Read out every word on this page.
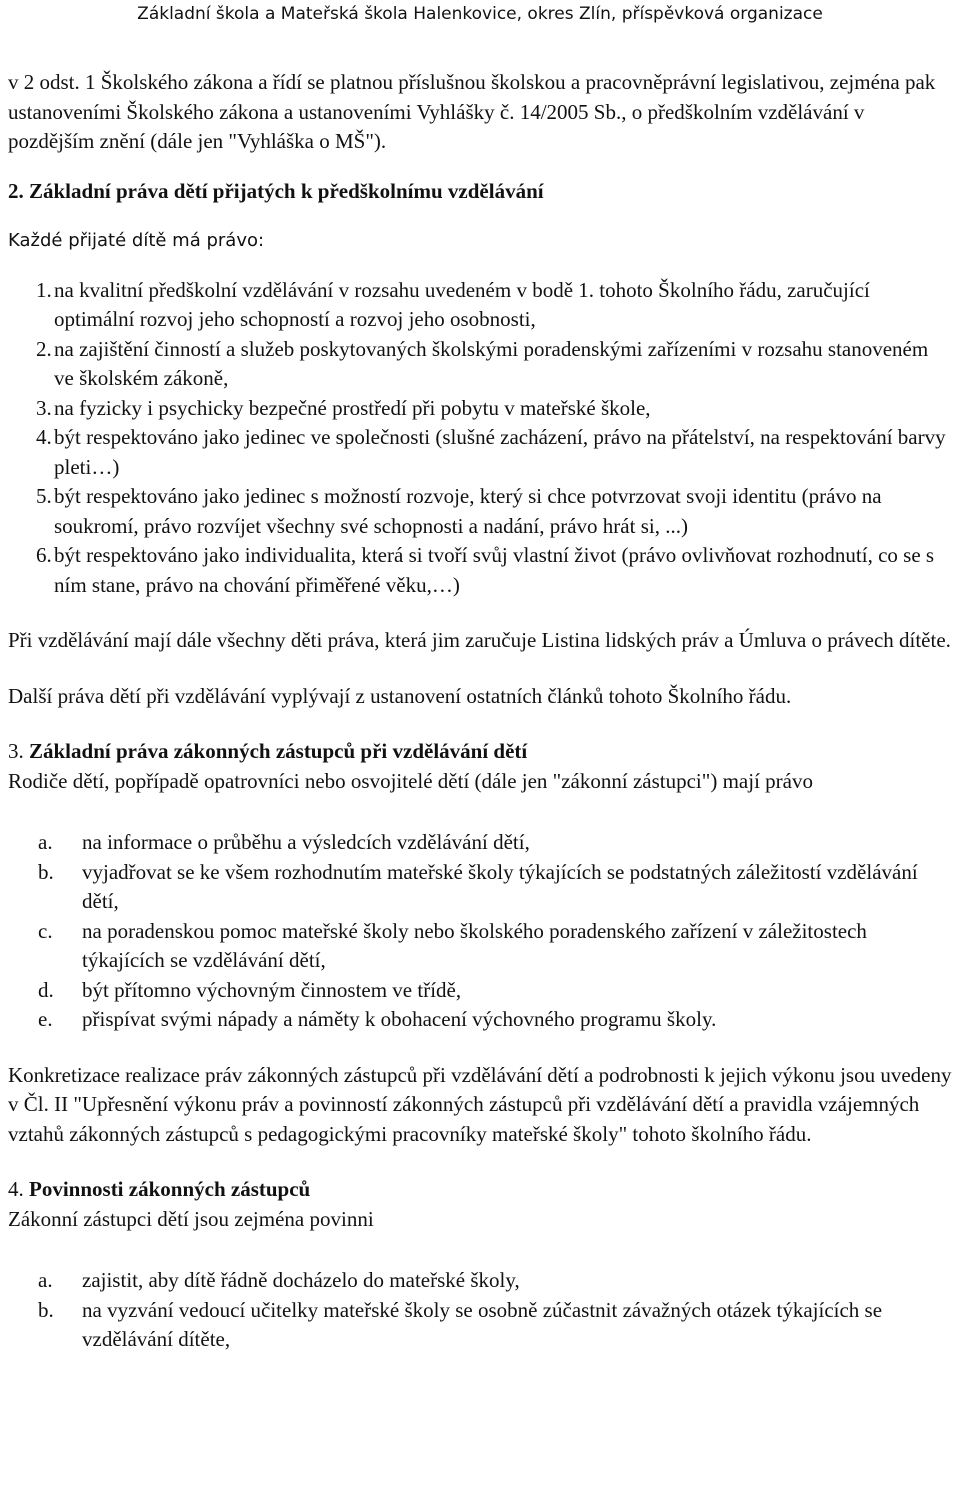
Základní škola a Mateřská škola Halenkovice, okres Zlín, příspěvková organizace

v 2 odst. 1 Školského zákona a řídí se platnou příslušnou školskou a pracovněprávní legislativou, zejména pak ustanoveními Školského zákona a ustanoveními Vyhlášky č. 14/2005 Sb., o předškolním vzdělávání v pozdějším znění (dále jen "Vyhláška o MŠ").

2. Základní práva dětí přijatých k předškolnímu vzdělávání

Každé přijaté dítě má právo:

1. na kvalitní předškolní vzdělávání v rozsahu uvedeném v bodě 1. tohoto Školního řádu, zaručující optimální rozvoj jeho schopností a rozvoj jeho osobnosti,
2. na zajištění činností a služeb poskytovaných školskými poradenskými zařízeními v rozsahu stanoveném ve školském zákoně,
3. na fyzicky i psychicky bezpečné prostředí při pobytu v mateřské škole,
4. být respektováno jako jedinec ve společnosti (slušné zacházení, právo na přátelství, na respektování barvy pleti…)
5. být respektováno jako jedinec s možností rozvoje, který si chce potvrzovat svoji identitu (právo na soukromí, právo rozvíjet všechny své schopnosti a nadání, právo hrát si, ...)
6. být respektováno jako individualita, která si tvoří svůj vlastní život (právo ovlivňovat rozhodnutí, co se s ním stane, právo na chování přiměřené věku,…)

Při vzdělávání mají dále všechny děti práva, která jim zaručuje Listina lidských práv a Úmluva o právech dítěte.

Další práva dětí při vzdělávání vyplývají z ustanovení ostatních článků tohoto Školního řádu.

3. Základní práva zákonných zástupců při vzdělávání dětí

Rodiče dětí, popřípadě opatrovníci nebo osvojitelé dětí (dále jen "zákonní zástupci") mají právo

a.	na informace o průběhu a výsledcích vzdělávání dětí,
b.	vyjadřovat se ke všem rozhodnutím mateřské školy týkajících se podstatných záležitostí vzdělávání dětí,
c.	na poradenskou pomoc mateřské školy nebo školského poradenského zařízení v záležitostech týkajících se vzdělávání dětí,
d.	být přítomno výchovným činnostem ve třídě,
e.	přispívat svými nápady a náměty k obohacení výchovného programu školy.

Konkretizace realizace práv zákonných zástupců při vzdělávání dětí a podrobnosti k jejich výkonu jsou uvedeny v Čl. II "Upřesnění výkonu práv a povinností zákonných zástupců při vzdělávání dětí a pravidla vzájemných vztahů zákonných zástupců s pedagogickými pracovníky mateřské školy" tohoto školního řádu.

4. Povinnosti zákonných zástupců

Zákonní zástupci dětí jsou zejména povinni

a.	zajistit, aby dítě řádně docházelo do mateřské školy,
b.	na vyzvání vedoucí učitelky mateřské školy se osobně zúčastnit závažných otázek týkajících se vzdělávání dítěte,
